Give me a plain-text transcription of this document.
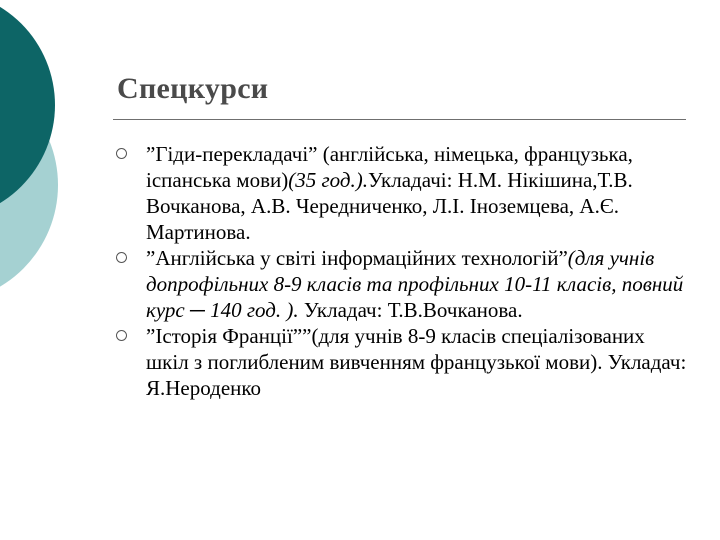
Спецкурси
”Гіди-перекладачі” (англійська, німецька, французька, іспанська мови)(35 год.).Укладачі: Н.М. Нікішина,Т.В. Вочканова, А.В. Чередниченко, Л.І. Іноземцева, А.Є. Мартинова.
”Англійська у світі інформаційних технологій”(для учнів допрофільних 8-9 класів та профільних 10-11 класів, повний курс ─ 140 год. ). Укладач: Т.В.Вочканова.
”Історія Франції””(для учнів 8-9 класів спеціалізованих шкіл з поглибленим вивченням французької мови). Укладач: Я.Нероденко
